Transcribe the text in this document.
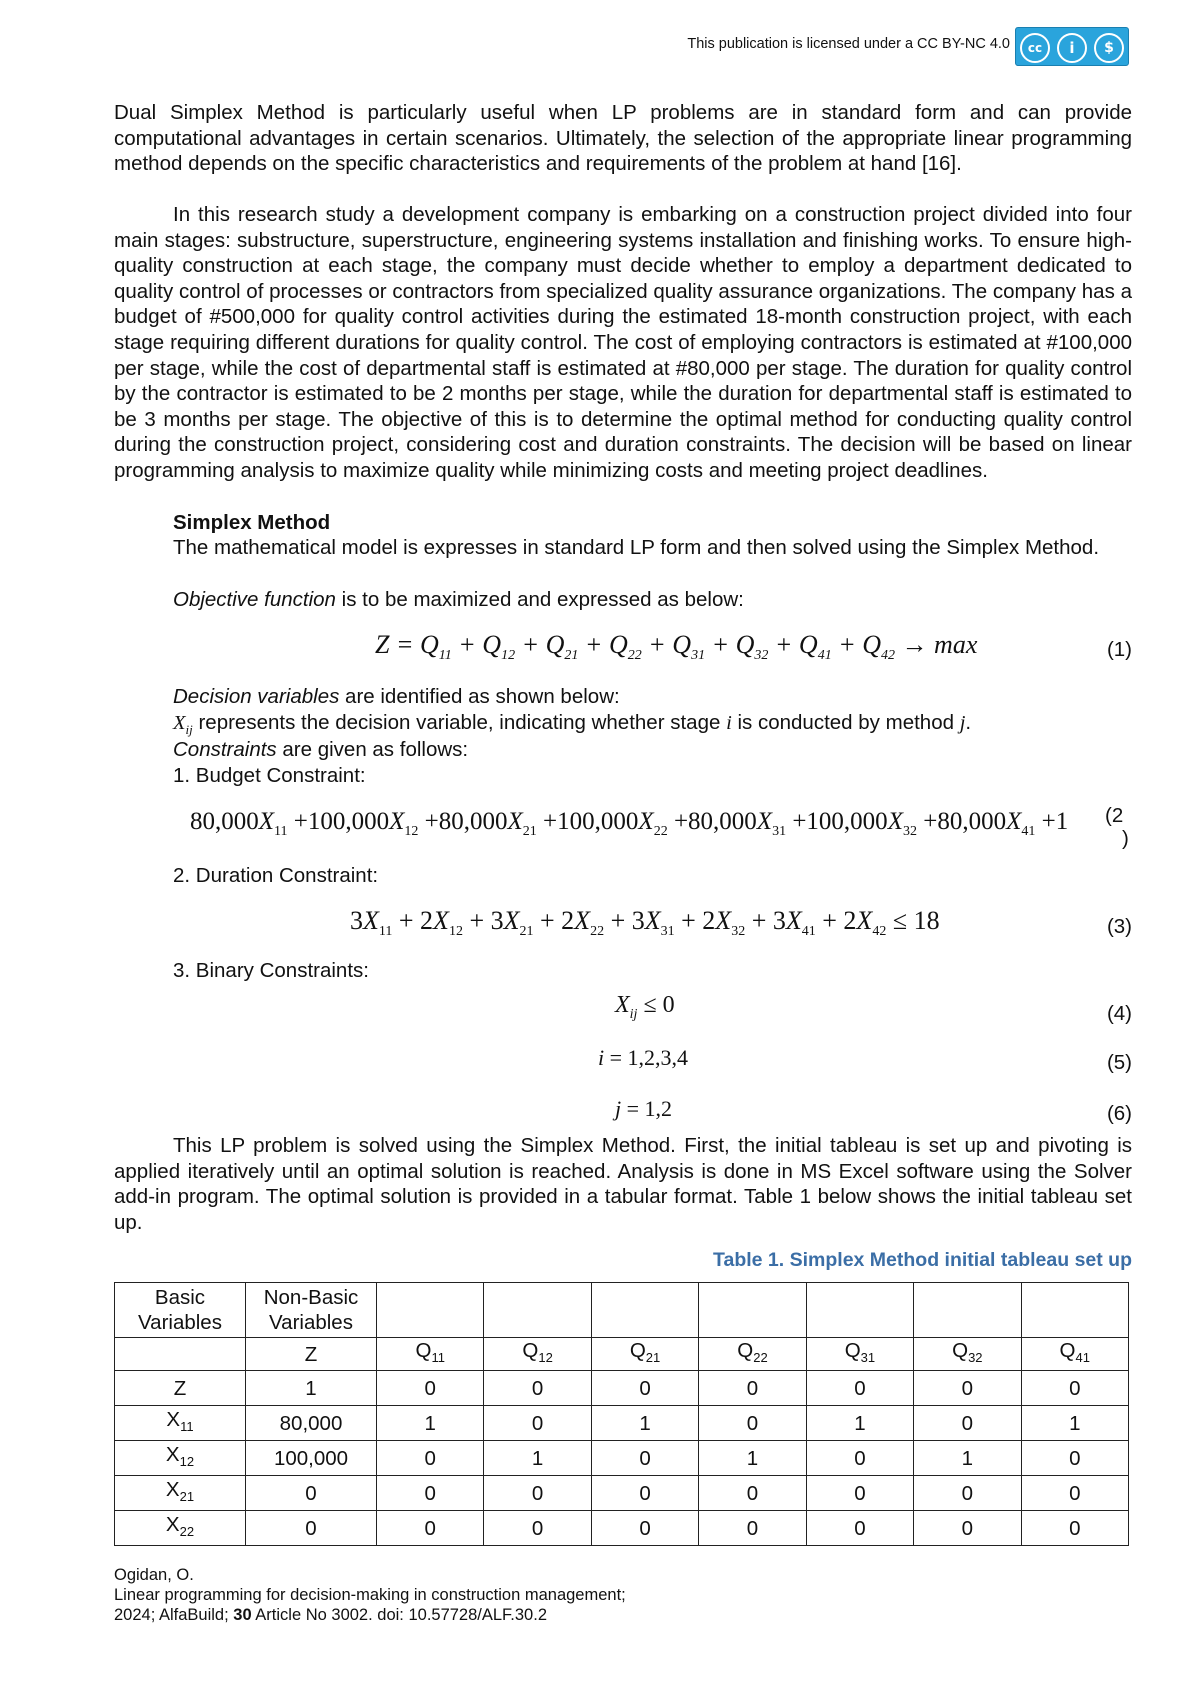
This publication is licensed under a CC BY-NC 4.0	cc	i	$

Dual Simplex Method is particularly useful when LP problems are in standard form and can provide computational advantages in certain scenarios. Ultimately, the selection of the appropriate linear programming method depends on the specific characteristics and requirements of the problem at hand [16].

In this research study a development company is embarking on a construction project divided into four main stages: substructure, superstructure, engineering systems installation and finishing works. To ensure high-quality construction at each stage, the company must decide whether to employ a department dedicated to quality control of processes or contractors from specialized quality assurance organizations. The company has a budget of #500,000 for quality control activities during the estimated 18-month construction project, with each stage requiring different durations for quality control. The cost of employing contractors is estimated at #100,000 per stage, while the cost of departmental staff is estimated at #80,000 per stage. The duration for quality control by the contractor is estimated to be 2 months per stage, while the duration for departmental staff is estimated to be 3 months per stage. The objective of this is to determine the optimal method for conducting quality control during the construction project, considering cost and duration constraints. The decision will be based on linear programming analysis to maximize quality while minimizing costs and meeting project deadlines.

Simplex Method

The mathematical model is expresses in standard LP form and then solved using the Simplex Method.

Objective function is to be maximized and expressed as below:
$Z = Q_{11} + Q_{12} + Q_{21} + Q_{22} + Q_{31} + Q_{32} + Q_{41} + Q_{42} \to \max$	(1)
Decision variables are identified as shown below:
$X_{ij}$ represents the decision variable, indicating whether stage i is conducted by method j.
Constraints are given as follows:
1. Budget Constraint:
$80,000X_{11} +100,000X_{12} +80,000X_{21} +100,000X_{22} +80,000X_{31} +100,000X_{32} +80,000X_{41} +1$ (2
)
2. Duration Constraint:
$3X_{11} + 2X_{12} + 3X_{21} + 2X_{22} + 3X_{31} + 2X_{32} + 3X_{41} + 2X_{42} \le 18$	(3)
3. Binary Constraints:
$X_{ij} \le 0$	(4)
i = 1,2,3,4	(5)
j = 1,2	(6)

This LP problem is solved using the Simplex Method. First, the initial tableau is set up and pivoting is applied iteratively until an optimal solution is reached. Analysis is done in MS Excel software using the Solver add-in program. The optimal solution is provided in a tabular format. Table 1 below shows the initial tableau set up.

Table 1. Simplex Method initial tableau set up
Basic Variables	Non-Basic Variables							
	Z	$Q_{11}$	$Q_{12}$	$Q_{21}$	$Q_{22}$	$Q_{31}$	$Q_{32}$	$Q_{41}$
Z	1	0	0	0	0	0	0	0
$X_{11}$	80,000	1	0	1	0	1	0	1
$X_{12}$	100,000	0	1	0	1	0	1	0
$X_{21}$	0	0	0	0	0	0	0	0
$X_{22}$	0	0	0	0	0	0	0	0
Ogidan, O.
Linear programming for decision-making in construction management;
2024; AlfaBuild; 30 Article No 3002. doi: 10.57728/ALF.30.2
